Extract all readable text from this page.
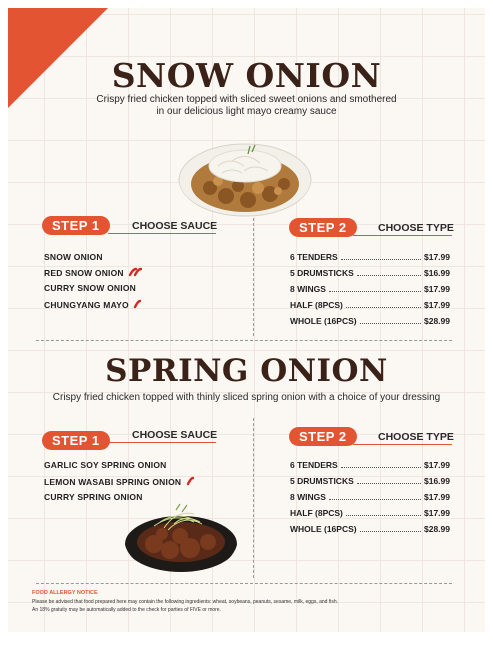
SNOW ONION
Crispy fried chicken topped with sliced sweet onions and smothered
in our delicious light mayo creamy sauce
STEP 1	CHOOSE SAUCE
SNOW ONION
RED SNOW ONION
CURRY SNOW ONION
CHUNGYANG MAYO
STEP 2	CHOOSE TYPE
6 TENDERS	$17.99
5 DRUMSTICKS	$16.99
8 WINGS	$17.99
HALF (8PCS)	$17.99
WHOLE (16PCS)	$28.99
SPRING ONION
Crispy fried chicken topped with thinly sliced spring onion with a choice of your dressing
STEP 1	CHOOSE SAUCE
GARLIC SOY SPRING ONION
LEMON WASABI SPRING ONION
CURRY SPRING ONION
STEP 2	CHOOSE TYPE
6 TENDERS	$17.99
5 DRUMSTICKS	$16.99
8 WINGS	$17.99
HALF (8PCS)	$17.99
WHOLE (16PCS)	$28.99
FOOD ALLERGY NOTICE
Please be advised that food prepared here may contain the following ingredients: wheat, soybeans, peanuts, sesame, milk, eggs, and fish.
An 18% gratuity may be automatically added to the check for parties of FIVE or more.
